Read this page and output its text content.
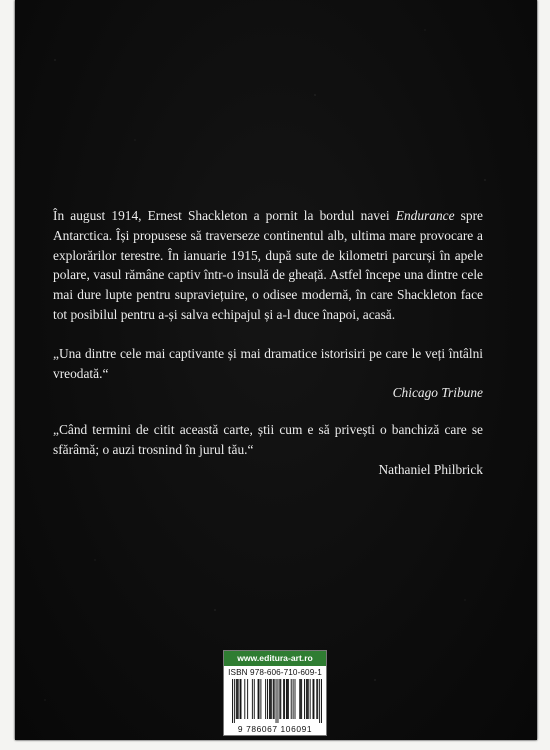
În august 1914, Ernest Shackleton a pornit la bordul navei Endurance spre Antarctica. Își propusese să traverseze continentul alb, ultima mare provocare a explorărilor terestre. În ianuarie 1915, după sute de kilometri parcurși în apele polare, vasul rămâne captiv într-o insulă de gheață. Astfel începe una dintre cele mai dure lupte pentru supraviețuire, o odisee modernă, în care Shackleton face tot posibilul pentru a-și salva echipajul și a-l duce înapoi, acasă.

„Una dintre cele mai captivante și mai dramatice istorisiri pe care le veți întâlni vreodată.“

Chicago Tribune

„Când termini de citit această carte, știi cum e să privești o banchiză care se sfărâmă; o auzi trosnind în jurul tău.“

Nathaniel Philbrick

www.editura-art.ro
ISBN 978-606-710-609-1
9 786067 106091
